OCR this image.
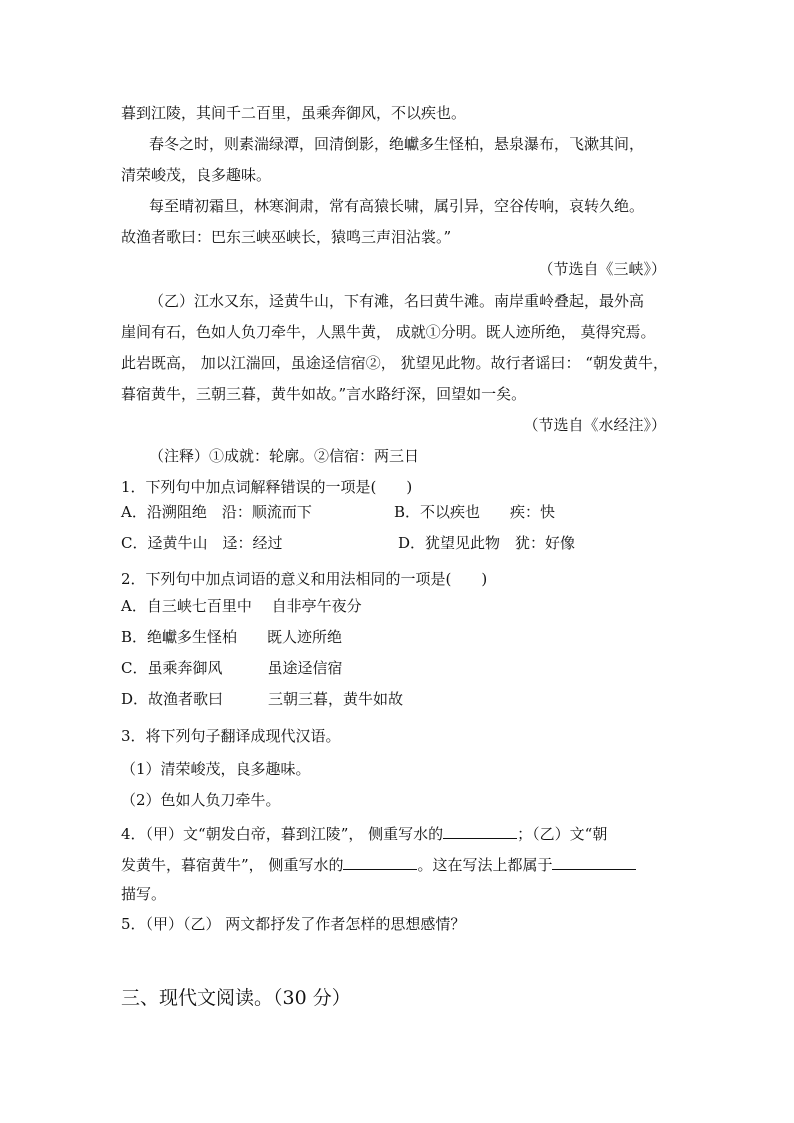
暮到江陵，其间千二百里，虽乘奔御风，不以疾也。
春冬之时，则素湍绿潭，回清倒影，绝巘多生怪柏，悬泉瀑布，飞漱其间，
清荣峻茂，良多趣味。
每至晴初霜旦，林寒涧肃，常有高猿长啸，属引异，空谷传响，哀转久绝。
故渔者歌曰：巴东三峡巫峡长，猿鸣三声泪沾裳。”
（节选自《三峡》）
（乙）江水又东，迳黄牛山，下有滩，名曰黄牛滩。南岸重岭叠起，最外高
崖间有石，色如人负刀牵牛，人黑牛黄， 成就①分明。既人迹所绝， 莫得究焉。
此岩既高， 加以江湍回，虽途迳信宿②， 犹望见此物。故行者谣曰： “朝发黄牛，
暮宿黄牛，三朝三暮，黄牛如故。”言水路纡深，回望如一矣。
（节选自《水经注》）
（注释）①成就：轮廓。②信宿：两三日
1．下列句中加点词解释错误的一项是(　　)
A．沿溯阻绝　沿：顺流而下	B．不以疾也　　疾：快
C．迳黄牛山　迳：经过	D．犹望见此物　犹：好像
2．下列句中加点词语的意义和用法相同的一项是(　　)
A．自三峡七百里中　 自非亭午夜分
B．绝巘多生怪柏　　既人迹所绝
C．虽乘奔御风　　　虽途迳信宿
D．故渔者歌曰　　　三朝三暮，黄牛如故
3．将下列句子翻译成现代汉语。
（1）清荣峻茂，良多趣味。
（2）色如人负刀牵牛。
4．（甲）文“朝发白帝，暮到江陵”， 侧重写水的	；（乙）文“朝
发黄牛，暮宿黄牛”， 侧重写水的	。这在写法上都属于
描写。
5．（甲）（乙） 两文都抒发了作者怎样的思想感情？
三、现代文阅读。（30 分）
